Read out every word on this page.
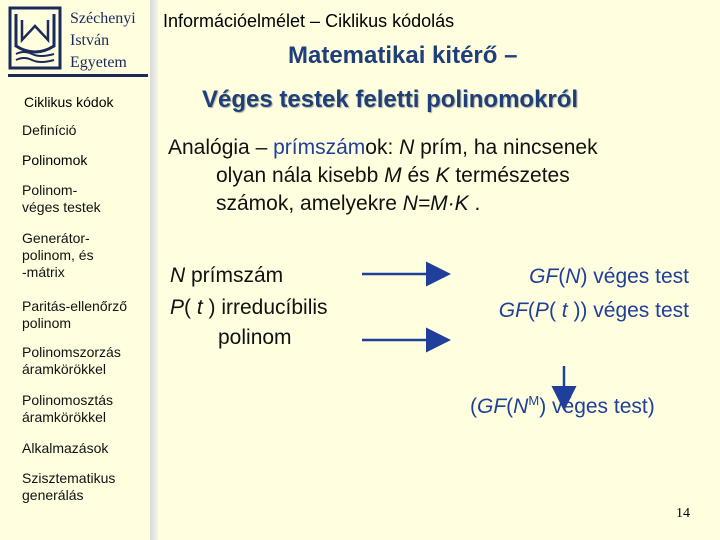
Széchenyi
István
Egyetem
Ciklikus kódok
Definíció
Polinomok
Polinom-
véges testek
Generátor-
polinom, és
-mátrix
Paritás-ellenőrző
polinom
Polinomszorzás
áramkörökkel
Polinomosztás
áramkörökkel
Alkalmazások
Szisztematikus
generálás
Információelmélet – Ciklikus kódolás
Matematikai kitérő –
Véges testek feletti polinomokról
Analógia – prímszámok: N prím, ha nincsenek
olyan nála kisebb M és K természetes
számok, amelyekre N=M·K .
N prímszám
P( t ) irreducíbilis
polinom
GF(N) véges test
GF(P( t )) véges test
($GF(N^M)$ véges test)
14
